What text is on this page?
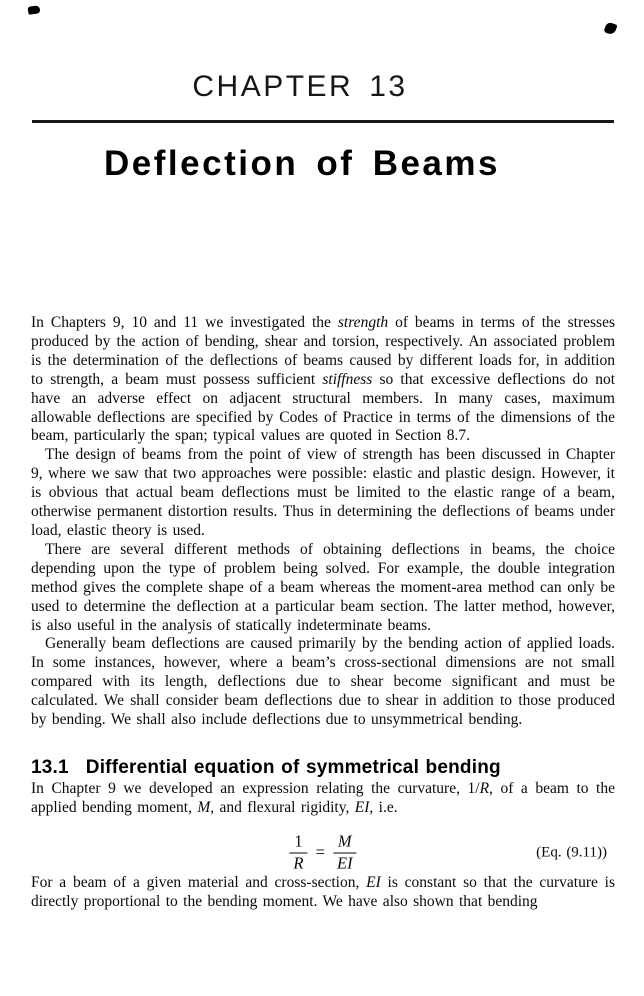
CHAPTER 13
Deflection of Beams

In Chapters 9, 10 and 11 we investigated the strength of beams in terms of the stresses produced by the action of bending, shear and torsion, respectively. An associated problem is the determination of the deflections of beams caused by different loads for, in addition to strength, a beam must possess sufficient stiffness so that excessive deflections do not have an adverse effect on adjacent structural members. In many cases, maximum allowable deflections are specified by Codes of Practice in terms of the dimensions of the beam, particularly the span; typical values are quoted in Section 8.7.

The design of beams from the point of view of strength has been discussed in Chapter 9, where we saw that two approaches were possible: elastic and plastic design. However, it is obvious that actual beam deflections must be limited to the elastic range of a beam, otherwise permanent distortion results. Thus in determining the deflections of beams under load, elastic theory is used.

There are several different methods of obtaining deflections in beams, the choice depending upon the type of problem being solved. For example, the double integration method gives the complete shape of a beam whereas the moment-area method can only be used to determine the deflection at a particular beam section. The latter method, however, is also useful in the analysis of statically indeterminate beams.

Generally beam deflections are caused primarily by the bending action of applied loads. In some instances, however, where a beam’s cross-sectional dimensions are not small compared with its length, deflections due to shear become significant and must be calculated. We shall consider beam deflections due to shear in addition to those produced by bending. We shall also include deflections due to unsymmetrical bending.

13.1 Differential equation of symmetrical bending

In Chapter 9 we developed an expression relating the curvature, 1/R, of a beam to the applied bending moment, M, and flexural rigidity, EI, i.e.

$\frac{1}{R} = \frac{M}{EI}$	(Eq. (9.11))

For a beam of a given material and cross-section, EI is constant so that the curvature is directly proportional to the bending moment. We have also shown that bending
